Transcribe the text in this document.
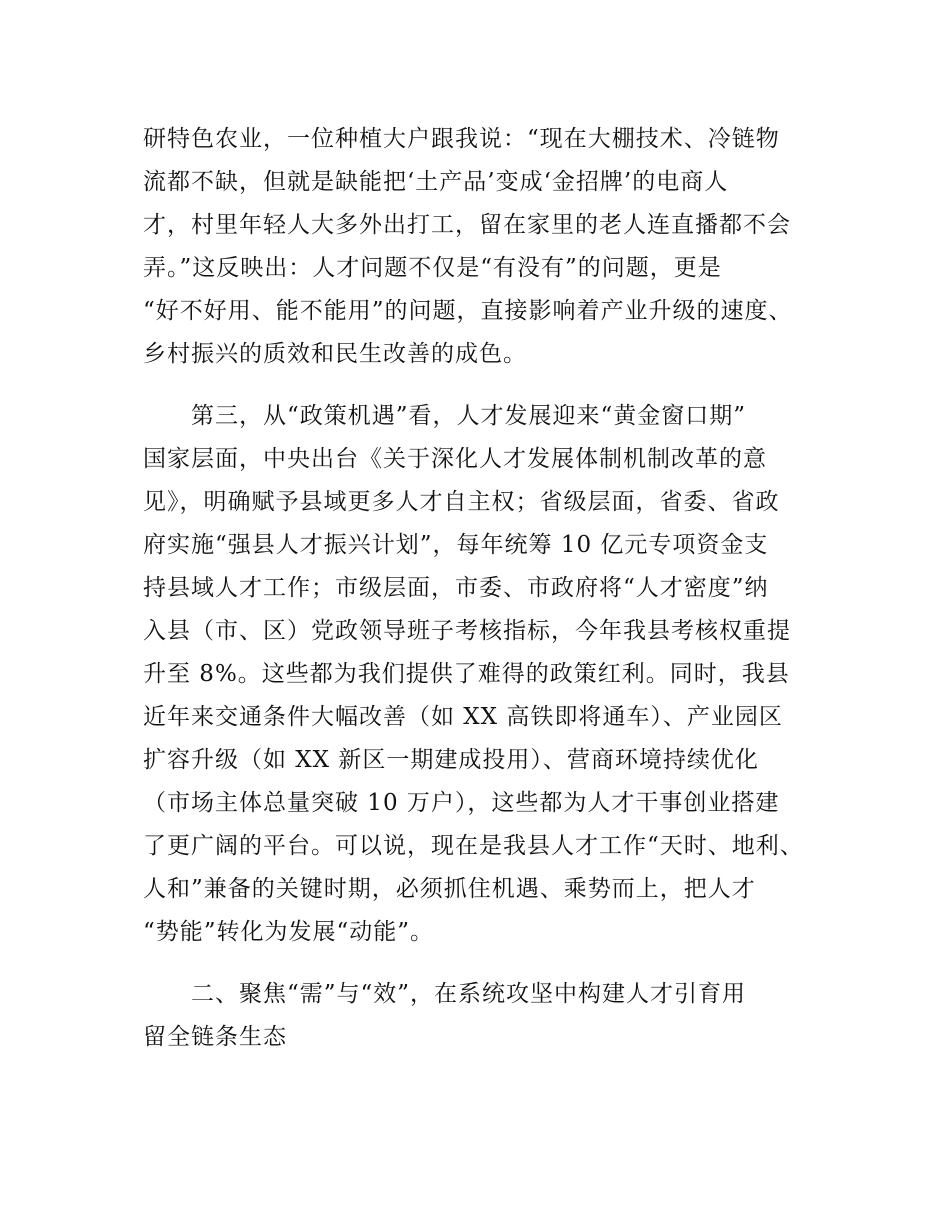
研特色农业，一位种植大户跟我说：“现在大棚技术、冷链物
流都不缺，但就是缺能把‘土产品’变成‘金招牌’的电商人
才，村里年轻人大多外出打工，留在家里的老人连直播都不会
弄。”这反映出：人才问题不仅是“有没有”的问题，更是
“好不好用、能不能用”的问题，直接影响着产业升级的速度、
乡村振兴的质效和民生改善的成色。
第三，从“政策机遇”看，人才发展迎来“黄金窗口期”
国家层面，中央出台《关于深化人才发展体制机制改革的意
见》，明确赋予县域更多人才自主权；省级层面，省委、省政
府实施“强县人才振兴计划”，每年统筹 10 亿元专项资金支
持县域人才工作；市级层面，市委、市政府将“人才密度”纳
入县（市、区）党政领导班子考核指标，今年我县考核权重提
升至 8%。这些都为我们提供了难得的政策红利。同时，我县
近年来交通条件大幅改善（如 XX 高铁即将通车）、产业园区
扩容升级（如 XX 新区一期建成投用）、营商环境持续优化
（市场主体总量突破 10 万户），这些都为人才干事创业搭建
了更广阔的平台。可以说，现在是我县人才工作“天时、地利、
人和”兼备的关键时期，必须抓住机遇、乘势而上，把人才
“势能”转化为发展“动能”。
二、聚焦“需”与“效”，在系统攻坚中构建人才引育用
留全链条生态
